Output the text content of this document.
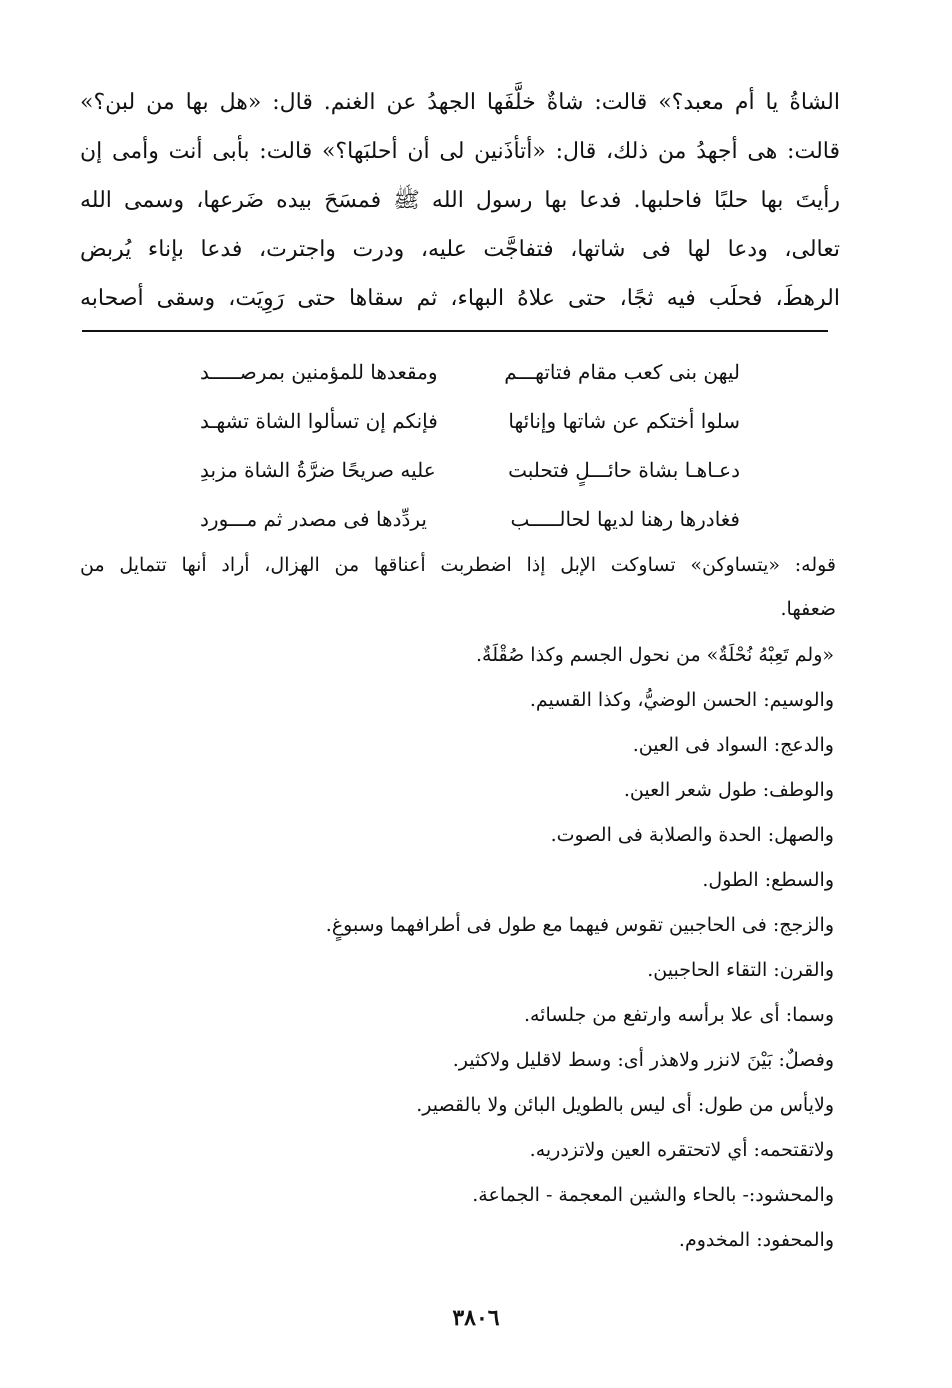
الشاةُ يا أم معبد؟» قالت: شاةٌ خلَّفَها الجهدُ عن الغنم. قال: «هل بها من لبن؟»
قالت: هى أجهدُ من ذلك، قال: «أتأذَنين لى أن أحلبَها؟» قالت: بأبى أنت وأمى إن
رأيتَ بها حلبًا فاحلبها. فدعا بها رسول الله ﷺ فمسَحَ بيده ضَرعها، وسمى الله
تعالى، ودعا لها فى شاتها، فتفاجَّت عليه، ودرت واجترت، فدعا بإناء يُربض
الرهطَ، فحلَب فيه ثجًا، حتى علاهُ البهاء، ثم سقاها حتى رَوِيَت، وسقى أصحابه
ليهن بنى كعب مقام فتاتهـــم
ومقعدها للمؤمنين بمرصـــــد
سلوا أختكم عن شاتها وإنائها
فإنكم إن تسألوا الشاة تشهـد
دعـاهـا بشاة حائـــلٍ فتحلبت
عليه صريحًا ضرَّةُ الشاة مزبدِ
فغادرها رهنا لديها لحالـــــب
يردِّدها فى مصدر ثم مـــورد
قوله: «يتساوكن» تساوكت الإبل إذا اضطربت أعناقها من الهزال، أراد أنها تتمايل من
ضعفها.
«ولم تَعِبْهُ نُحْلَةٌ» من نحول الجسم وكذا صُقْلَةٌ.
والوسيم: الحسن الوضيُّ، وكذا القسيم.
والدعج: السواد فى العين.
والوطف: طول شعر العين.
والصهل: الحدة والصلابة فى الصوت.
والسطع: الطول.
والزجج: فى الحاجبين تقوس فيهما مع طول فى أطرافهما وسبوغٍ.
والقرن: التقاء الحاجبين.
وسما: أى علا برأسه وارتفع من جلسائه.
وفصلٌ: بَيْنَ لانزر ولاهذر أى: وسط لاقليل ولاكثير.
ولايأس من طول: أى ليس بالطويل البائن ولا بالقصير.
ولاتقتحمه: أي لاتحتقره العين ولاتزدريه.
والمحشود:- بالحاء والشين المعجمة - الجماعة.
والمحفود: المخدوم.
٣٨٠٦
